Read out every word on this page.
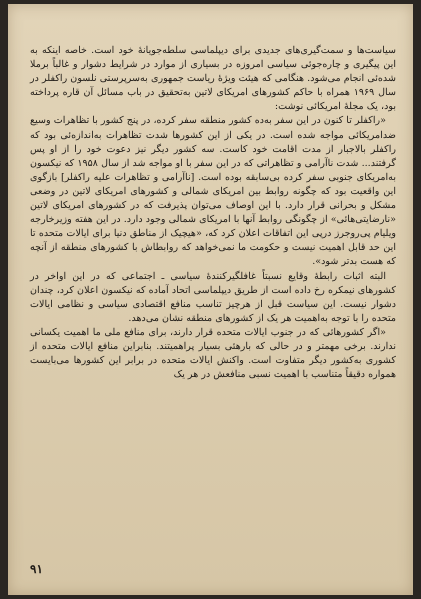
سیاست‌ها و سمت‌گیری‌های جدیدی برای دیپلماسی سلطه‌جویانهٔ خود است. خاصه اینکه به این پیگیری و چاره‌جوئی سیاسی امروزه در بسیاری از موارد در شرایط دشوار و غالباً برملا شده‌ئی انجام می‌شود. هنگامی که هیئت ویژهٔ ریاست جمهوری به‌سرپرستی نلسون راکفلر در سال ۱۹۶۹ همراه با حاکم کشورهای امریکای لاتین به‌تحقیق در باب مسائل آن قاره پرداخته بود، یک مجلهٔ امریکائی نوشت:

«راکفلر تا کنون در این سفر به‌ده کشور منطقه سفر کرده، در پنج کشور با تظاهرات وسیع ضدامریکائی مواجه شده است. در یکی از این کشورها شدت تظاهرات به‌اندازه‌ئی بود که راکفلر بالاجبار از مدت اقامت خود کاست. سه کشور دیگر نیز دعوت خود را از او پس گرفتند... شدت ناآرامی و تظاهراتی که در این سفر با او مواجه شد از سال ۱۹۵۸ که نیکسون به‌امریکای جنوبی سفر کرده بی‌سابقه بوده است. [ناآرامی و تظاهرات علیه راکفلر] بازگوی این واقعیت بود که چگونه روابط بین امریکای شمالی و کشورهای امریکای لاتین در وضعی مشکل و بحرانی قرار دارد. با این اوصاف می‌توان پذیرفت که در کشورهای امریکای لاتین «نارضایتی‌هائی» از چگونگی روابط آنها با امریکای شمالی وجود دارد. در این هفته وزیرخارجه ویلیام پی‌روجرز درپی این اتفاقات اعلان کرد که، «هیچیک از مناطق دنیا برای ایالات متحده تا این حد قابل اهمیت نیست و حکومت ما نمی‌خواهد که روابطاش با کشورهای منطقه از آنچه که هست بدتر شود».

البته اثبات رابطهٔ وقایع نسبتاً غافلگیرکنندهٔ سیاسی ـ اجتماعی که در این اواخر در کشورهای نیمکره رخ داده است از طریق دیپلماسی اتحاد آماده که نیکسون اعلان کرد، چندان دشوار نیست. این سیاست قبل از هرچیز تناسب منافع اقتصادی سیاسی و نظامی ایالات متحده را با توجه به‌اهمیت هر یک از کشورهای منطقه نشان می‌دهد.

«اگر کشورهائی که در جنوب ایالات متحده قرار دارند، برای منافع ملی ما اهمیت یکسانی ندارند. برخی مهمتر و در حالی که بارهئی بسیار پراهمیتند. بنابراین منافع ایالات متحده از کشوری به‌کشور دیگر متفاوت است. واکنش ایالات متحده در برابر این کشورها می‌بایست همواره دقیقاً متناسب با اهمیت نسبی منافعش در هر یک

۹۱
